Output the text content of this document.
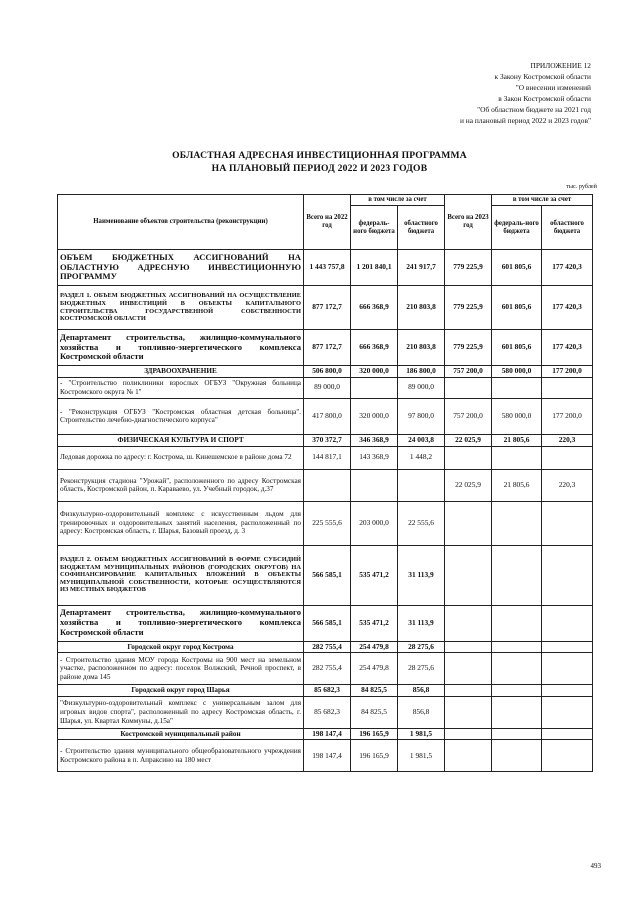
ПРИЛОЖЕНИЕ 12
к Закону Костромской области
"О внесении изменений
в Закон Костромской области
"Об областном бюджете на 2021 год
и на плановый период 2022 и 2023 годов"
ОБЛАСТНАЯ АДРЕСНАЯ ИНВЕСТИЦИОННАЯ ПРОГРАММА
НА ПЛАНОВЫЙ ПЕРИОД 2022 И 2023 ГОДОВ
тыс. рублей
Наименование объектов строительства (реконструкции)	Всего на 2022 год	в том числе за счет		Всего на 2023 год	в том числе за счет	
		федераль-ного бюджета	областного бюджета		федераль-ного бюджета	областного бюджета
ОБЪЕМ БЮДЖЕТНЫХ АССИГНОВАНИЙ НА ОБЛАСТНУЮ АДРЕСНУЮ ИНВЕСТИЦИОННУЮ ПРОГРАММУ	1 443 757,8	1 201 840,1	241 917,7	779 225,9	601 805,6	177 420,3
РАЗДЕЛ 1. ОБЪЕМ БЮДЖЕТНЫХ АССИГНОВАНИЙ НА ОСУЩЕСТВЛЕНИЕ БЮДЖЕТНЫХ ИНВЕСТИЦИЙ В ОБЪЕКТЫ КАПИТАЛЬНОГО СТРОИТЕЛЬСТВА ГОСУДАРСТВЕННОЙ СОБСТВЕННОСТИ КОСТРОМСКОЙ ОБЛАСТИ	877 172,7	666 368,9	210 803,8	779 225,9	601 805,6	177 420,3
Департамент строительства, жилищно-коммунального хозяйства и топливно-энергетического комплекса Костромской области	877 172,7	666 368,9	210 803,8	779 225,9	601 805,6	177 420,3
ЗДРАВООХРАНЕНИЕ	506 800,0	320 000,0	186 800,0	757 200,0	580 000,0	177 200,0
- "Строительство поликлиники взрослых ОГБУЗ "Окружная больница Костромского округа № 1"	89 000,0		89 000,0			
- "Реконструкция ОГБУЗ "Костромская областная детская больница". Строительство лечебно-диагностического корпуса"	417 800,0	320 000,0	97 800,0	757 200,0	580 000,0	177 200,0
ФИЗИЧЕСКАЯ КУЛЬТУРА И СПОРТ	370 372,7	346 368,9	24 003,8	22 025,9	21 805,6	220,3
Ледовая дорожка по адресу: г. Кострома, ш. Кинешемское в районе дома 72	144 817,1	143 368,9	1 448,2			
Реконструкция стадиона "Урожай", расположенного по адресу Костромская область, Костромской район, п. Караваево, ул. Учебный городок, д.37				22 025,9	21 805,6	220,3
Физкультурно-оздоровительный комплекс с искусственным льдом для тренировочных и оздоровительных занятий населения, расположенный по адресу: Костромская область, г. Шарья, Базовый проезд, д. 3	225 555,6	203 000,0	22 555,6			
РАЗДЕЛ 2. ОБЪЕМ БЮДЖЕТНЫХ АССИГНОВАНИЙ В ФОРМЕ СУБСИДИЙ БЮДЖЕТАМ МУНИЦИПАЛЬНЫХ РАЙОНОВ (ГОРОДСКИХ ОКРУГОВ) НА СОФИНАНСИРОВАНИЕ КАПИТАЛЬНЫХ ВЛОЖЕНИЙ В ОБЪЕКТЫ МУНИЦИПАЛЬНОЙ СОБСТВЕННОСТИ, КОТОРЫЕ ОСУЩЕСТВЛЯЮТСЯ ИЗ МЕСТНЫХ БЮДЖЕТОВ	566 585,1	535 471,2	31 113,9			
Департамент строительства, жилищно-коммунального хозяйства и топливно-энергетического комплекса Костромской области	566 585,1	535 471,2	31 113,9			
Городской округ город Кострома	282 755,4	254 479,8	28 275,6			
- Строительство здания МОУ города Костромы на 900 мест на земельном участке, расположенном по адресу: поселок Волжский, Речной проспект, в районе дома 145	282 755,4	254 479,8	28 275,6			
Городской округ город Шарья	85 682,3	84 825,5	856,8			
"Физкультурно-оздоровительный комплекс с универсальным залом для игровых видов спорта", расположенный по адресу Костромская область, г. Шарья, ул. Квартал Коммуны, д.15а"	85 682,3	84 825,5	856,8			
Костромской муниципальный район	198 147,4	196 165,9	1 981,5			
- Строительство здания муниципального общеобразовательного учреждения Костромского района в п. Апраксино на 180 мест	198 147,4	196 165,9	1 981,5			
493
